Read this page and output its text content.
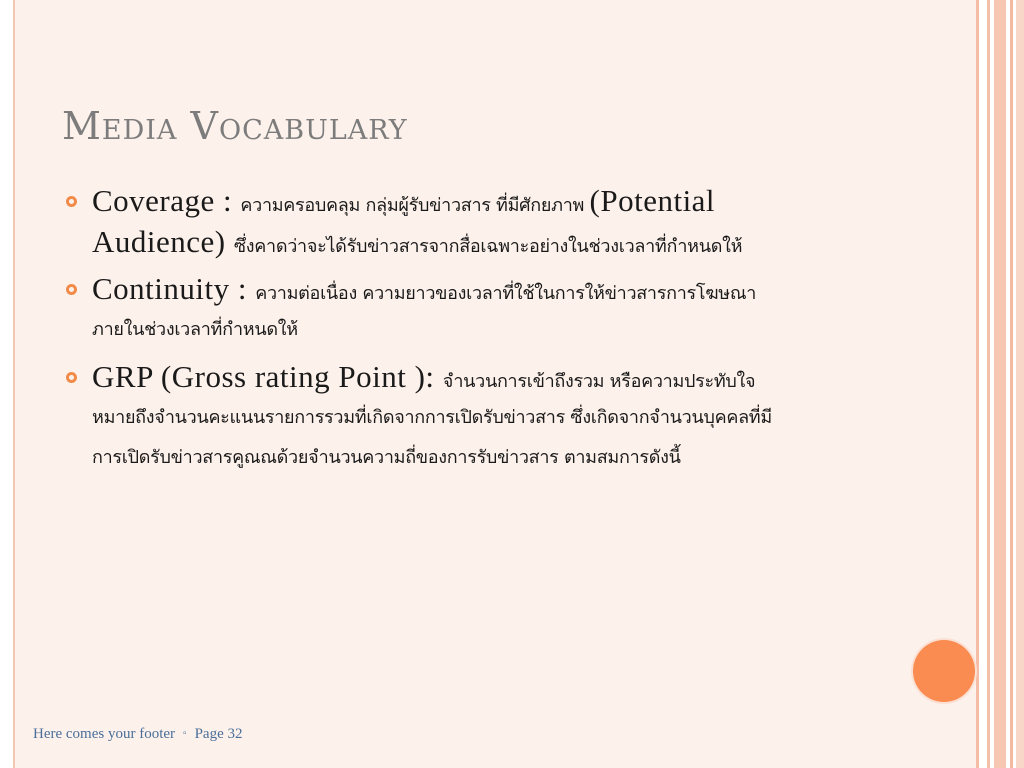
Media Vocabulary
Coverage : ความครอบคลุม กลุ่มผู้รับข่าวสาร ที่มีศักยภาพ (Potential
Audience) ซึ่งคาดว่าจะได้รับข่าวสารจากสื่อเฉพาะอย่างในช่วงเวลาที่กำหนดให้
Continuity : ความต่อเนื่อง ความยาวของเวลาที่ใช้ในการให้ข่าวสารการโฆษณา
ภายในช่วงเวลาที่กำหนดให้
GRP (Gross rating Point ): จำนวนการเข้าถึงรวม หรือความประทับใจ
หมายถึงจำนวนคะแนนรายการรวมที่เกิดจากการเปิดรับข่าวสาร ซึ่งเกิดจากจำนวนบุคคลที่มี
การเปิดรับข่าวสารคูณณด้วยจำนวนความถี่ของการรับข่าวสาร ตามสมการดังนี้
Here comes your footer ▫ Page 32
